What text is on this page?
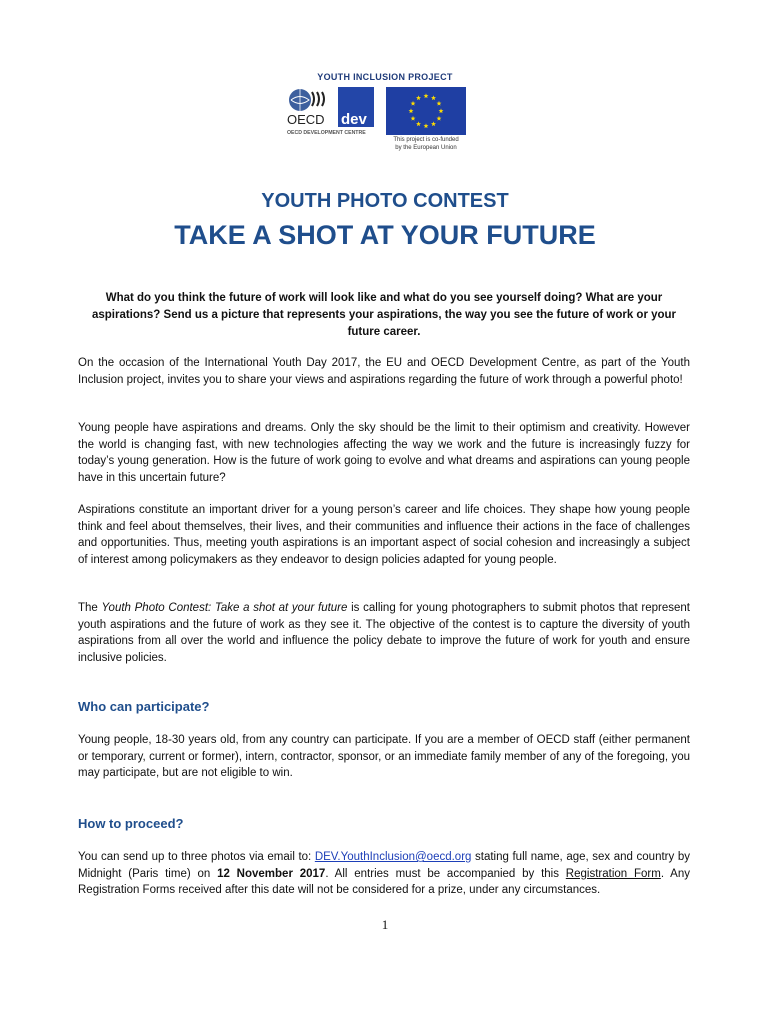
YOUTH INCLUSION PROJECT
OECD dev
OECD DEVELOPMENT CENTRE
This project is co-funded
by the European Union
YOUTH PHOTO CONTEST
TAKE A SHOT AT YOUR FUTURE
What do you think the future of work will look like and what do you see yourself doing? What are your aspirations? Send us a picture that represents your aspirations, the way you see the future of work or your future career.
On the occasion of the International Youth Day 2017, the EU and OECD Development Centre, as part of the Youth Inclusion project, invites you to share your views and aspirations regarding the future of work through a powerful photo!
Young people have aspirations and dreams. Only the sky should be the limit to their optimism and creativity. However the world is changing fast, with new technologies affecting the way we work and the future is increasingly fuzzy for today’s young generation. How is the future of work going to evolve and what dreams and aspirations can young people have in this uncertain future?
Aspirations constitute an important driver for a young person’s career and life choices. They shape how young people think and feel about themselves, their lives, and their communities and influence their actions in the face of challenges and opportunities. Thus, meeting youth aspirations is an important aspect of social cohesion and increasingly a subject of interest among policymakers as they endeavor to design policies adapted for young people.
The Youth Photo Contest: Take a shot at your future is calling for young photographers to submit photos that represent youth aspirations and the future of work as they see it. The objective of the contest is to capture the diversity of youth aspirations from all over the world and influence the policy debate to improve the future of work for youth and ensure inclusive policies.
Who can participate?
Young people, 18-30 years old, from any country can participate. If you are a member of OECD staff (either permanent or temporary, current or former), intern, contractor, sponsor, or an immediate family member of any of the foregoing, you may participate, but are not eligible to win.
How to proceed?
You can send up to three photos via email to: DEV.YouthInclusion@oecd.org stating full name, age, sex and country by Midnight (Paris time) on 12 November 2017. All entries must be accompanied by this Registration Form. Any Registration Forms received after this date will not be considered for a prize, under any circumstances.
1
